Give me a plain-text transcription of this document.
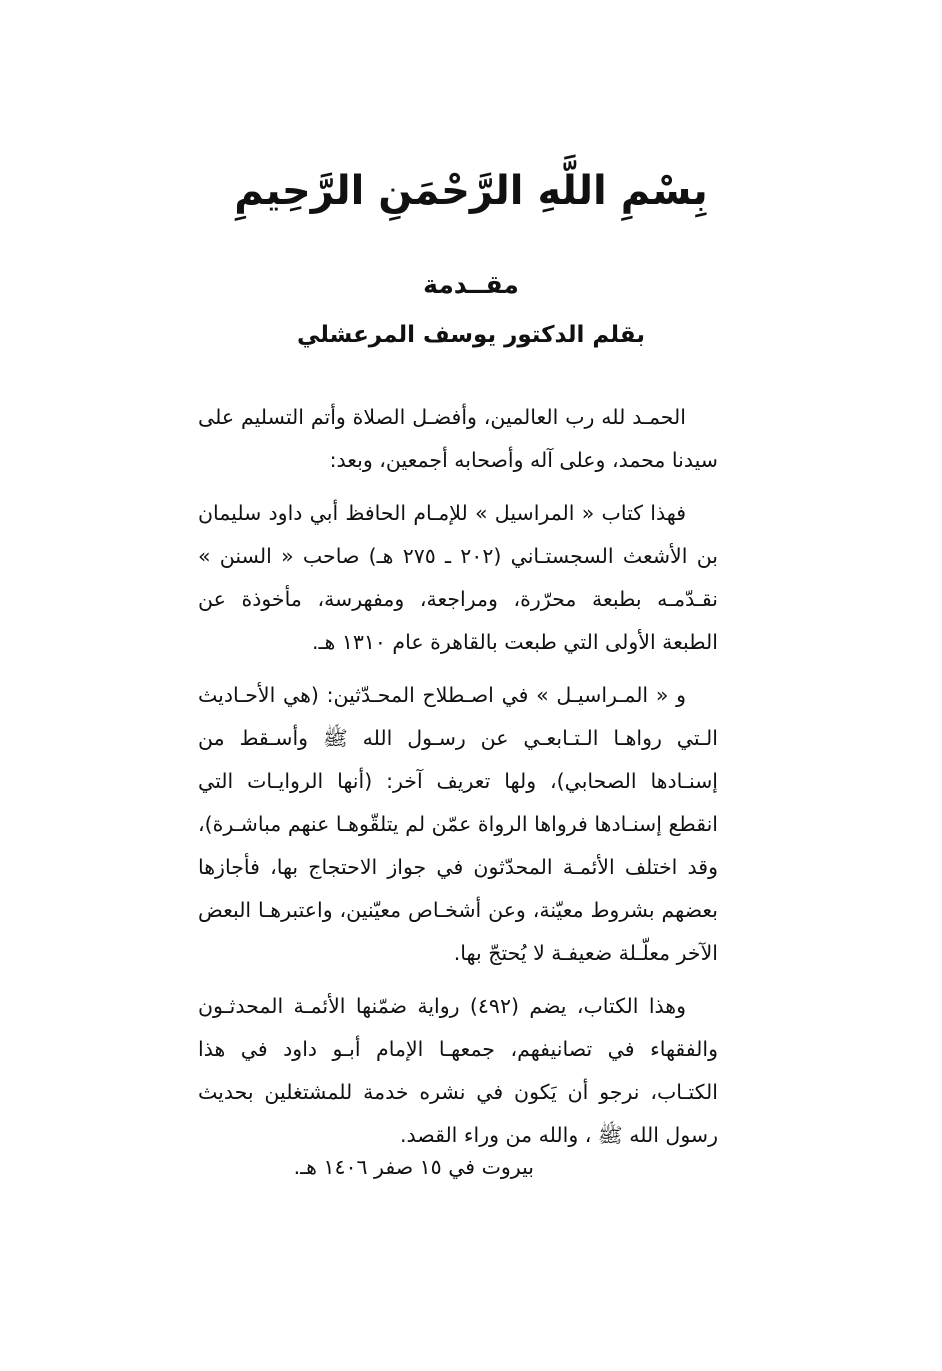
بِسْمِ اللَّهِ الرَّحْمَنِ الرَّحِيمِ
مقــدمة
بقلم الدكتور يوسف المرعشلي

الحمـد لله رب العالمين، وأفضـل الصلاة وأتم التسليم على سيدنا محمد، وعلى آله وأصحابه أجمعين، وبعد:

فهذا كتاب « المراسيل » للإمـام الحافظ أبي داود سليمان بن الأشعث السجستـاني (٢٠٢ ـ ٢٧٥ هـ) صاحب « السنن » نقـدّمـه بطبعة محرّرة، ومراجعة، ومفهرسة، مأخوذة عن الطبعة الأولى التي طبعت بالقاهرة عام ١٣١٠ هـ.

و « المـراسيـل » في اصـطلاح المحـدّثين: (هي الأحـاديث الـتي رواهـا الـتـابعـي عن رسـول الله ﷺ وأسـقط من إسنـادها الصحابي)، ولها تعريف آخر: (أنها الروايـات التي انقطع إسنـادها فرواها الرواة عمّن لم يتلقّوهـا عنهم مباشـرة)، وقد اختلف الأئمـة المحدّثون في جواز الاحتجاج بها، فأجازها بعضهم بشروط معيّنة، وعن أشخـاص معيّنين، واعتبرهـا البعض الآخر معلّـلة ضعيفـة لا يُحتجّ بها.

وهذا الكتاب، يضم (٤٩٢) رواية ضمّنها الأئمـة المحدثـون والفقهاء في تصانيفهم، جمعهـا الإمام أبـو داود في هذا الكتـاب، نرجو أن يَكون في نشره خدمة للمشتغلين بحديث رسول الله ﷺ ، والله من وراء القصد.

بيروت في ١٥ صفر ١٤٠٦ هـ.
